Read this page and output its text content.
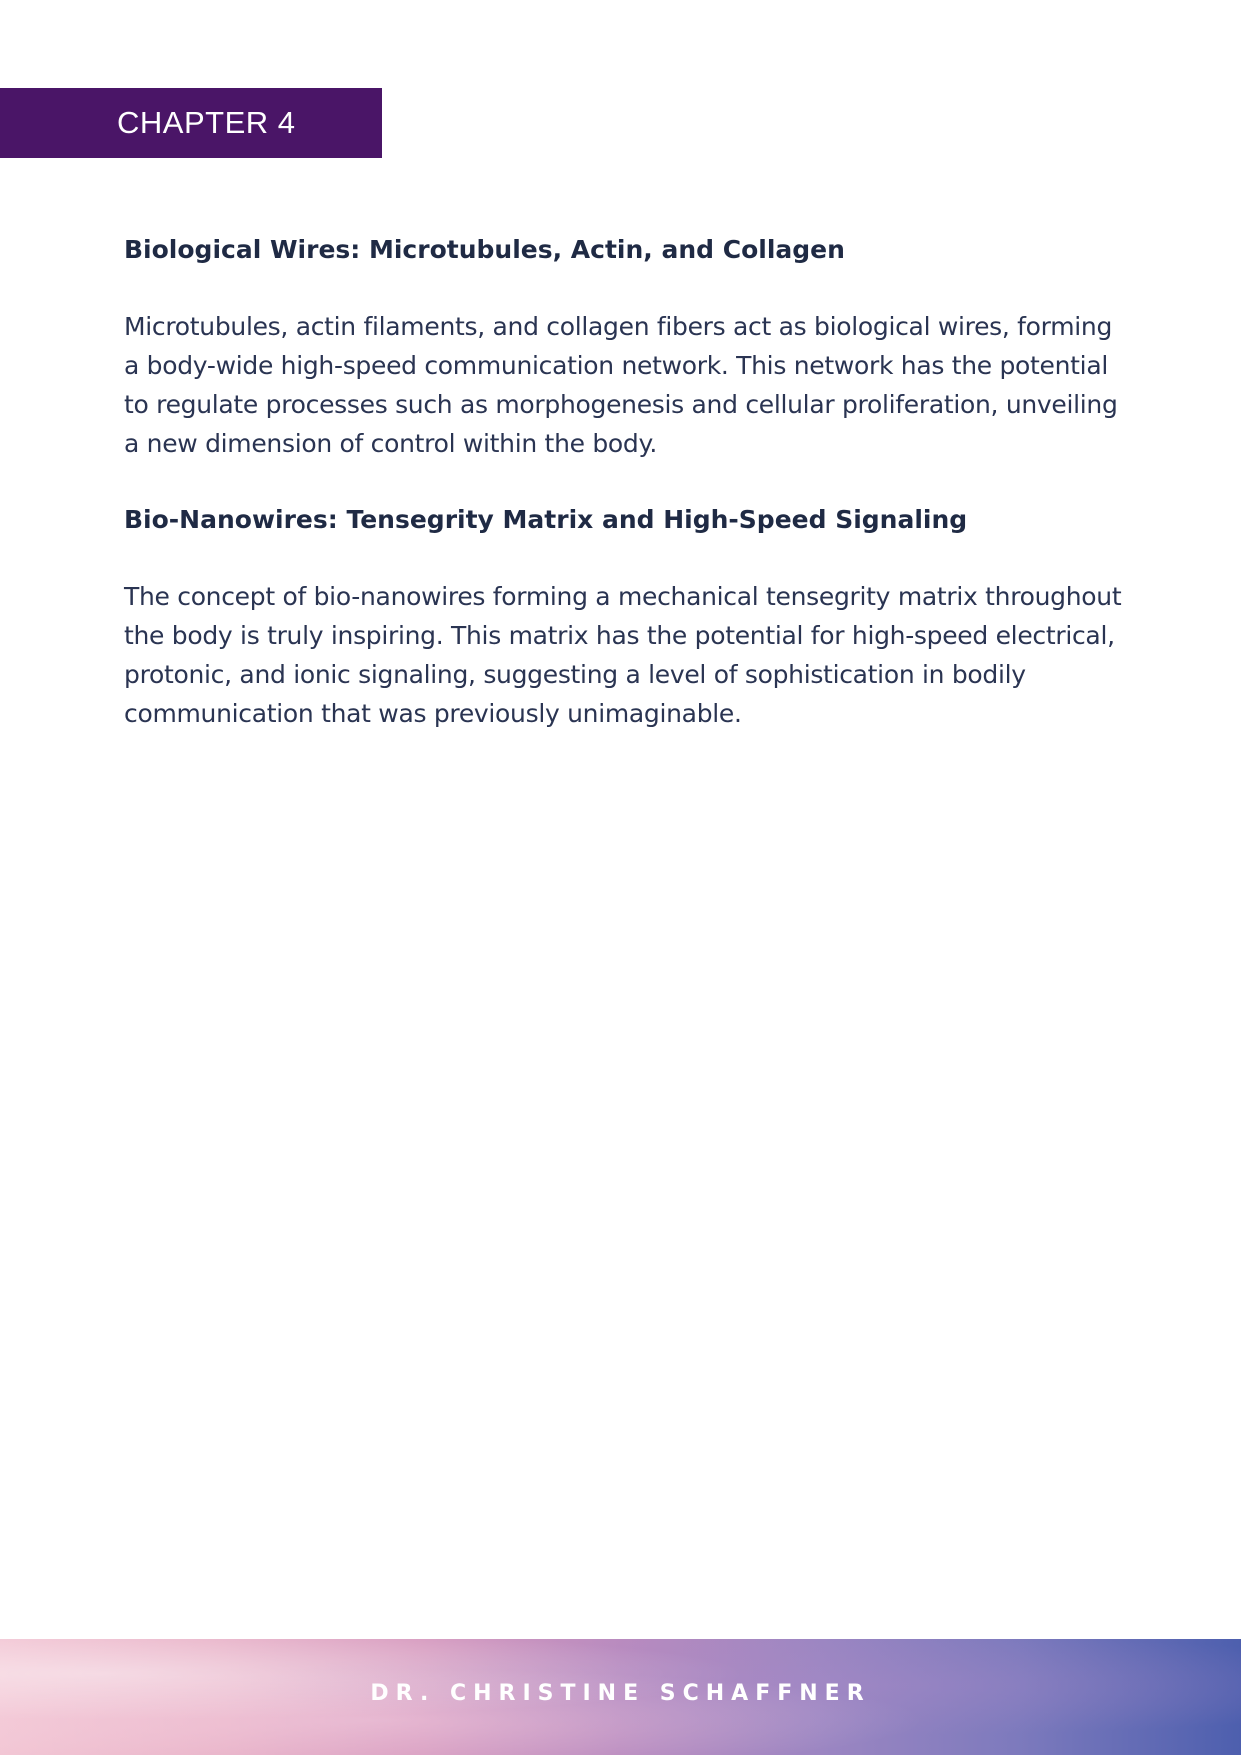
CHAPTER 4
Biological Wires: Microtubules, Actin, and Collagen

Microtubules, actin filaments, and collagen fibers act as biological wires, forming a body-wide high-speed communication network. This network has the potential to regulate processes such as morphogenesis and cellular proliferation, unveiling a new dimension of control within the body.

Bio-Nanowires: Tensegrity Matrix and High-Speed Signaling

The concept of bio-nanowires forming a mechanical tensegrity matrix throughout the body is truly inspiring. This matrix has the potential for high-speed electrical, protonic, and ionic signaling, suggesting a level of sophistication in bodily communication that was previously unimaginable.

DR. CHRISTINE SCHAFFNER
